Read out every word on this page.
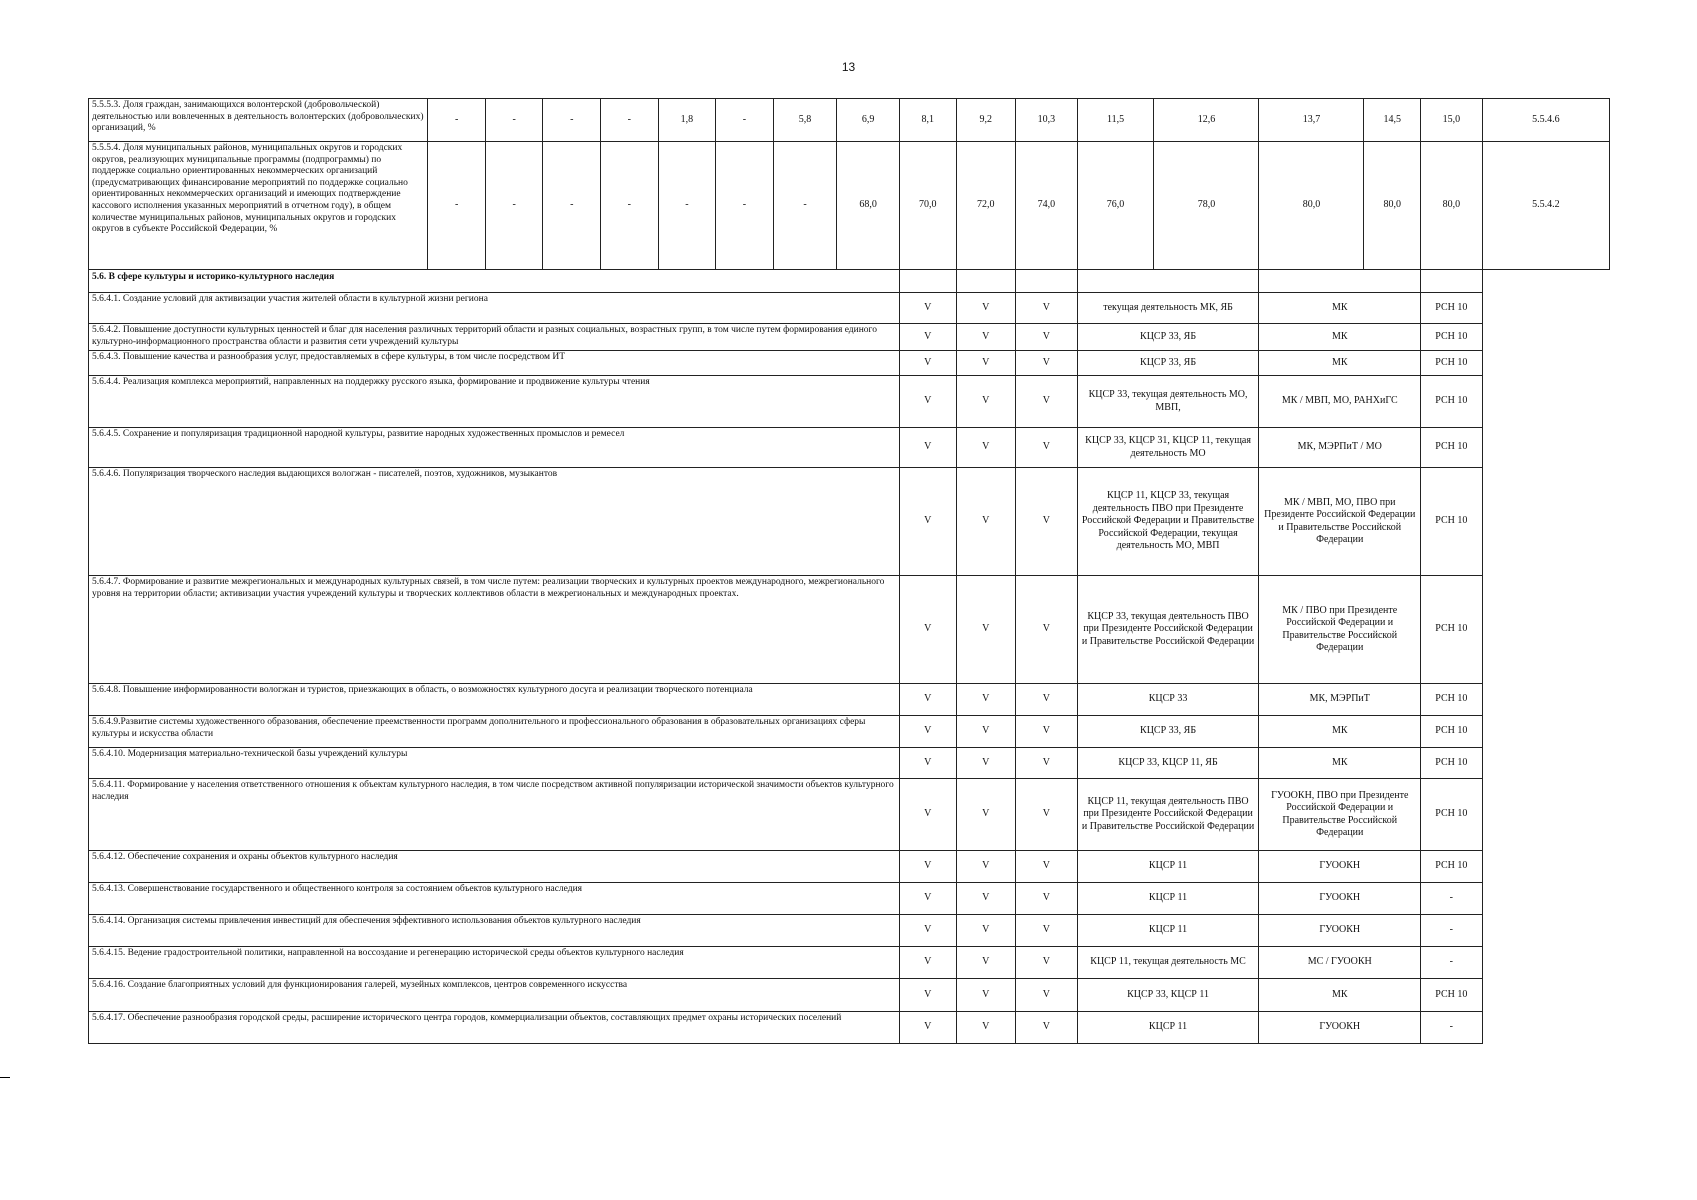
13
5.5.5.3. Доля граждан, занимающихся волонтерской (добровольческой) деятельностью или вовлеченных в деятельность волонтерских (добровольческих) организаций, %	-	-	-	-	1,8	-	5,8	6,9	8,1	9,2	10,3	11,5	12,6	13,7	14,5	15,0	5.5.4.6
5.5.5.4. Доля муниципальных районов, муниципальных округов и городских округов, реализующих муниципальные программы (подпрограммы) по поддержке социально ориентированных некоммерческих организаций (предусматривающих финансирование мероприятий по поддержке социально ориентированных некоммерческих организаций и имеющих подтверждение кассового исполнения указанных мероприятий в отчетном году), в общем количестве муниципальных районов, муниципальных округов и городских округов в субъекте Российской Федерации, %	-	-	-	-	-	-	-	68,0	70,0	72,0	74,0	76,0	78,0	80,0	80,0	80,0	5.5.4.2
5.6. В сфере культуры и историко-культурного наследия																	
5.6.4.1. Создание условий для активизации участия жителей области в культурной жизни региона									V	V	V	текущая деятельность МК, ЯБ		МК		РСН 10	
5.6.4.2. Повышение доступности культурных ценностей и благ для населения различных территорий области и разных социальных, возрастных групп, в том числе путем формирования единого культурно-информационного пространства области и развития сети учреждений культуры									V	V	V	КЦСР 33, ЯБ		МК		РСН 10	
5.6.4.3. Повышение качества и разнообразия услуг, предоставляемых в сфере культуры, в том числе посредством ИТ									V	V	V	КЦСР 33, ЯБ		МК		РСН 10	
5.6.4.4. Реализация комплекса мероприятий, направленных на поддержку русского языка, формирование и продвижение культуры чтения									V	V	V	КЦСР 33, текущая деятельность МО, МВП,		МК / МВП, МО, РАНХиГС		РСН 10	
5.6.4.5. Сохранение и популяризация традиционной народной культуры, развитие народных художественных промыслов и ремесел									V	V	V	КЦСР 33, КЦСР 31, КЦСР 11, текущая деятельность МО		МК, МЭРПиТ / МО		РСН 10	
5.6.4.6. Популяризация творческого наследия выдающихся вологжан - писателей, поэтов, художников, музыкантов									V	V	V	КЦСР 11, КЦСР 33, текущая деятельность ПВО при Президенте Российской Федерации и Правительстве Российской Федерации, текущая деятельность МО, МВП		МК / МВП, МО, ПВО при Президенте Российской Федерации и Правительстве Российской Федерации		РСН 10	
5.6.4.7. Формирование и развитие межрегиональных и международных культурных связей, в том числе путем: реализации творческих и культурных проектов международного, межрегионального уровня на территории области; активизации участия учреждений культуры и творческих коллективов области в межрегиональных и международных проектах.									V	V	V	КЦСР 33, текущая деятельность ПВО при Президенте Российской Федерации и Правительстве Российской Федерации		МК / ПВО при Президенте Российской Федерации и Правительстве Российской Федерации		РСН 10	
5.6.4.8. Повышение информированности вологжан и туристов, приезжающих в область, о возможностях культурного досуга и реализации творческого потенциала									V	V	V	КЦСР 33		МК, МЭРПиТ		РСН 10	
5.6.4.9.Развитие системы художественного образования, обеспечение преемственности программ дополнительного и профессионального образования в образовательных организациях сферы культуры и искусства области									V	V	V	КЦСР 33, ЯБ		МК		РСН 10	
5.6.4.10. Модернизация материально-технической базы учреждений культуры									V	V	V	КЦСР 33, КЦСР 11, ЯБ		МК		РСН 10	
5.6.4.11. Формирование у населения ответственного отношения к объектам культурного наследия, в том числе посредством активной популяризации исторической значимости объектов культурного наследия									V	V	V	КЦСР 11, текущая деятельность ПВО при Президенте Российской Федерации и Правительстве Российской Федерации		ГУООКН, ПВО при Президенте Российской Федерации и Правительстве Российской Федерации		РСН 10	
5.6.4.12. Обеспечение сохранения и охраны объектов культурного наследия									V	V	V	КЦСР 11		ГУООКН		РСН 10	
5.6.4.13. Совершенствование государственного и общественного контроля за состоянием объектов культурного наследия									V	V	V	КЦСР 11		ГУООКН		-	
5.6.4.14. Организация системы привлечения инвестиций для обеспечения эффективного использования объектов культурного наследия									V	V	V	КЦСР 11		ГУООКН		-	
5.6.4.15. Ведение градостроительной политики, направленной на воссоздание и регенерацию исторической среды объектов культурного наследия									V	V	V	КЦСР 11, текущая деятельность МС		МС / ГУООКН		-	
5.6.4.16. Создание благоприятных условий для функционирования галерей, музейных комплексов, центров современного искусства									V	V	V	КЦСР 33, КЦСР 11		МК		РСН 10	
5.6.4.17. Обеспечение разнообразия городской среды, расширение исторического центра городов, коммерциализации объектов, составляющих предмет охраны исторических поселений									V	V	V	КЦСР 11		ГУООКН		-	
